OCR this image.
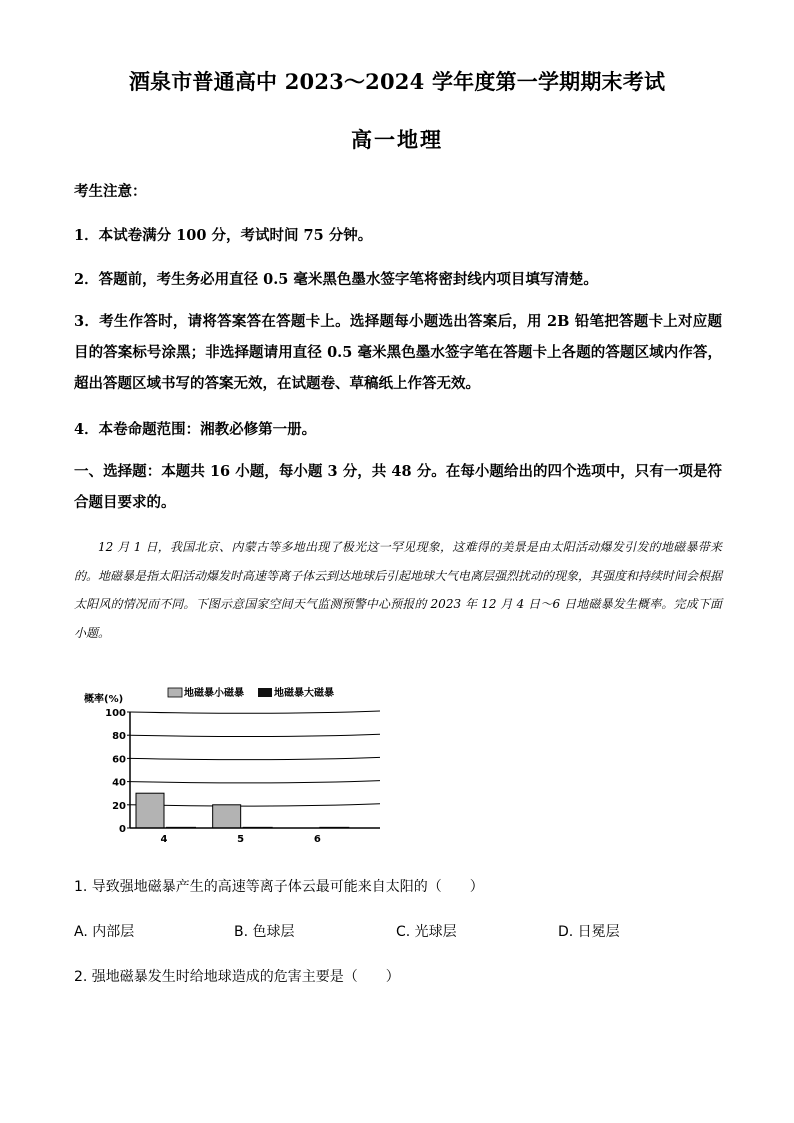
酒泉市普通高中 2023～2024 学年度第一学期期末考试
高一地理
考生注意：
1．本试卷满分 100 分，考试时间 75 分钟。
2．答题前，考生务必用直径 0.5 毫米黑色墨水签字笔将密封线内项目填写清楚。
3．考生作答时，请将答案答在答题卡上。选择题每小题选出答案后，用 2B 铅笔把答题卡上对应题目的答案标号涂黑；非选择题请用直径 0.5 毫米黑色墨水签字笔在答题卡上各题的答题区域内作答，超出答题区域书写的答案无效，在试题卷、草稿纸上作答无效。
4．本卷命题范围：湘教必修第一册。
一、选择题：本题共 16 小题，每小题 3 分，共 48 分。在每小题给出的四个选项中，只有一项是符合题目要求的。
12 月 1 日，我国北京、内蒙古等多地出现了极光这一罕见现象，这难得的美景是由太阳活动爆发引发的地磁暴带来的。地磁暴是指太阳活动爆发时高速等离子体云到达地球后引起地球大气电离层强烈扰动的现象，其强度和持续时间会根据太阳风的情况而不同。下图示意国家空间天气监测预警中心预报的 2023 年 12 月 4 日～6 日地磁暴发生概率。完成下面小题。
0
20
40
60
80
100
4	5	6
概率(%)
地磁暴小磁暴	地磁暴大磁暴
1. 导致强地磁暴产生的高速等离子体云最可能来自太阳的（　　）
A. 内部层	B. 色球层	C. 光球层	D. 日冕层
2. 强地磁暴发生时给地球造成的危害主要是（　　）
